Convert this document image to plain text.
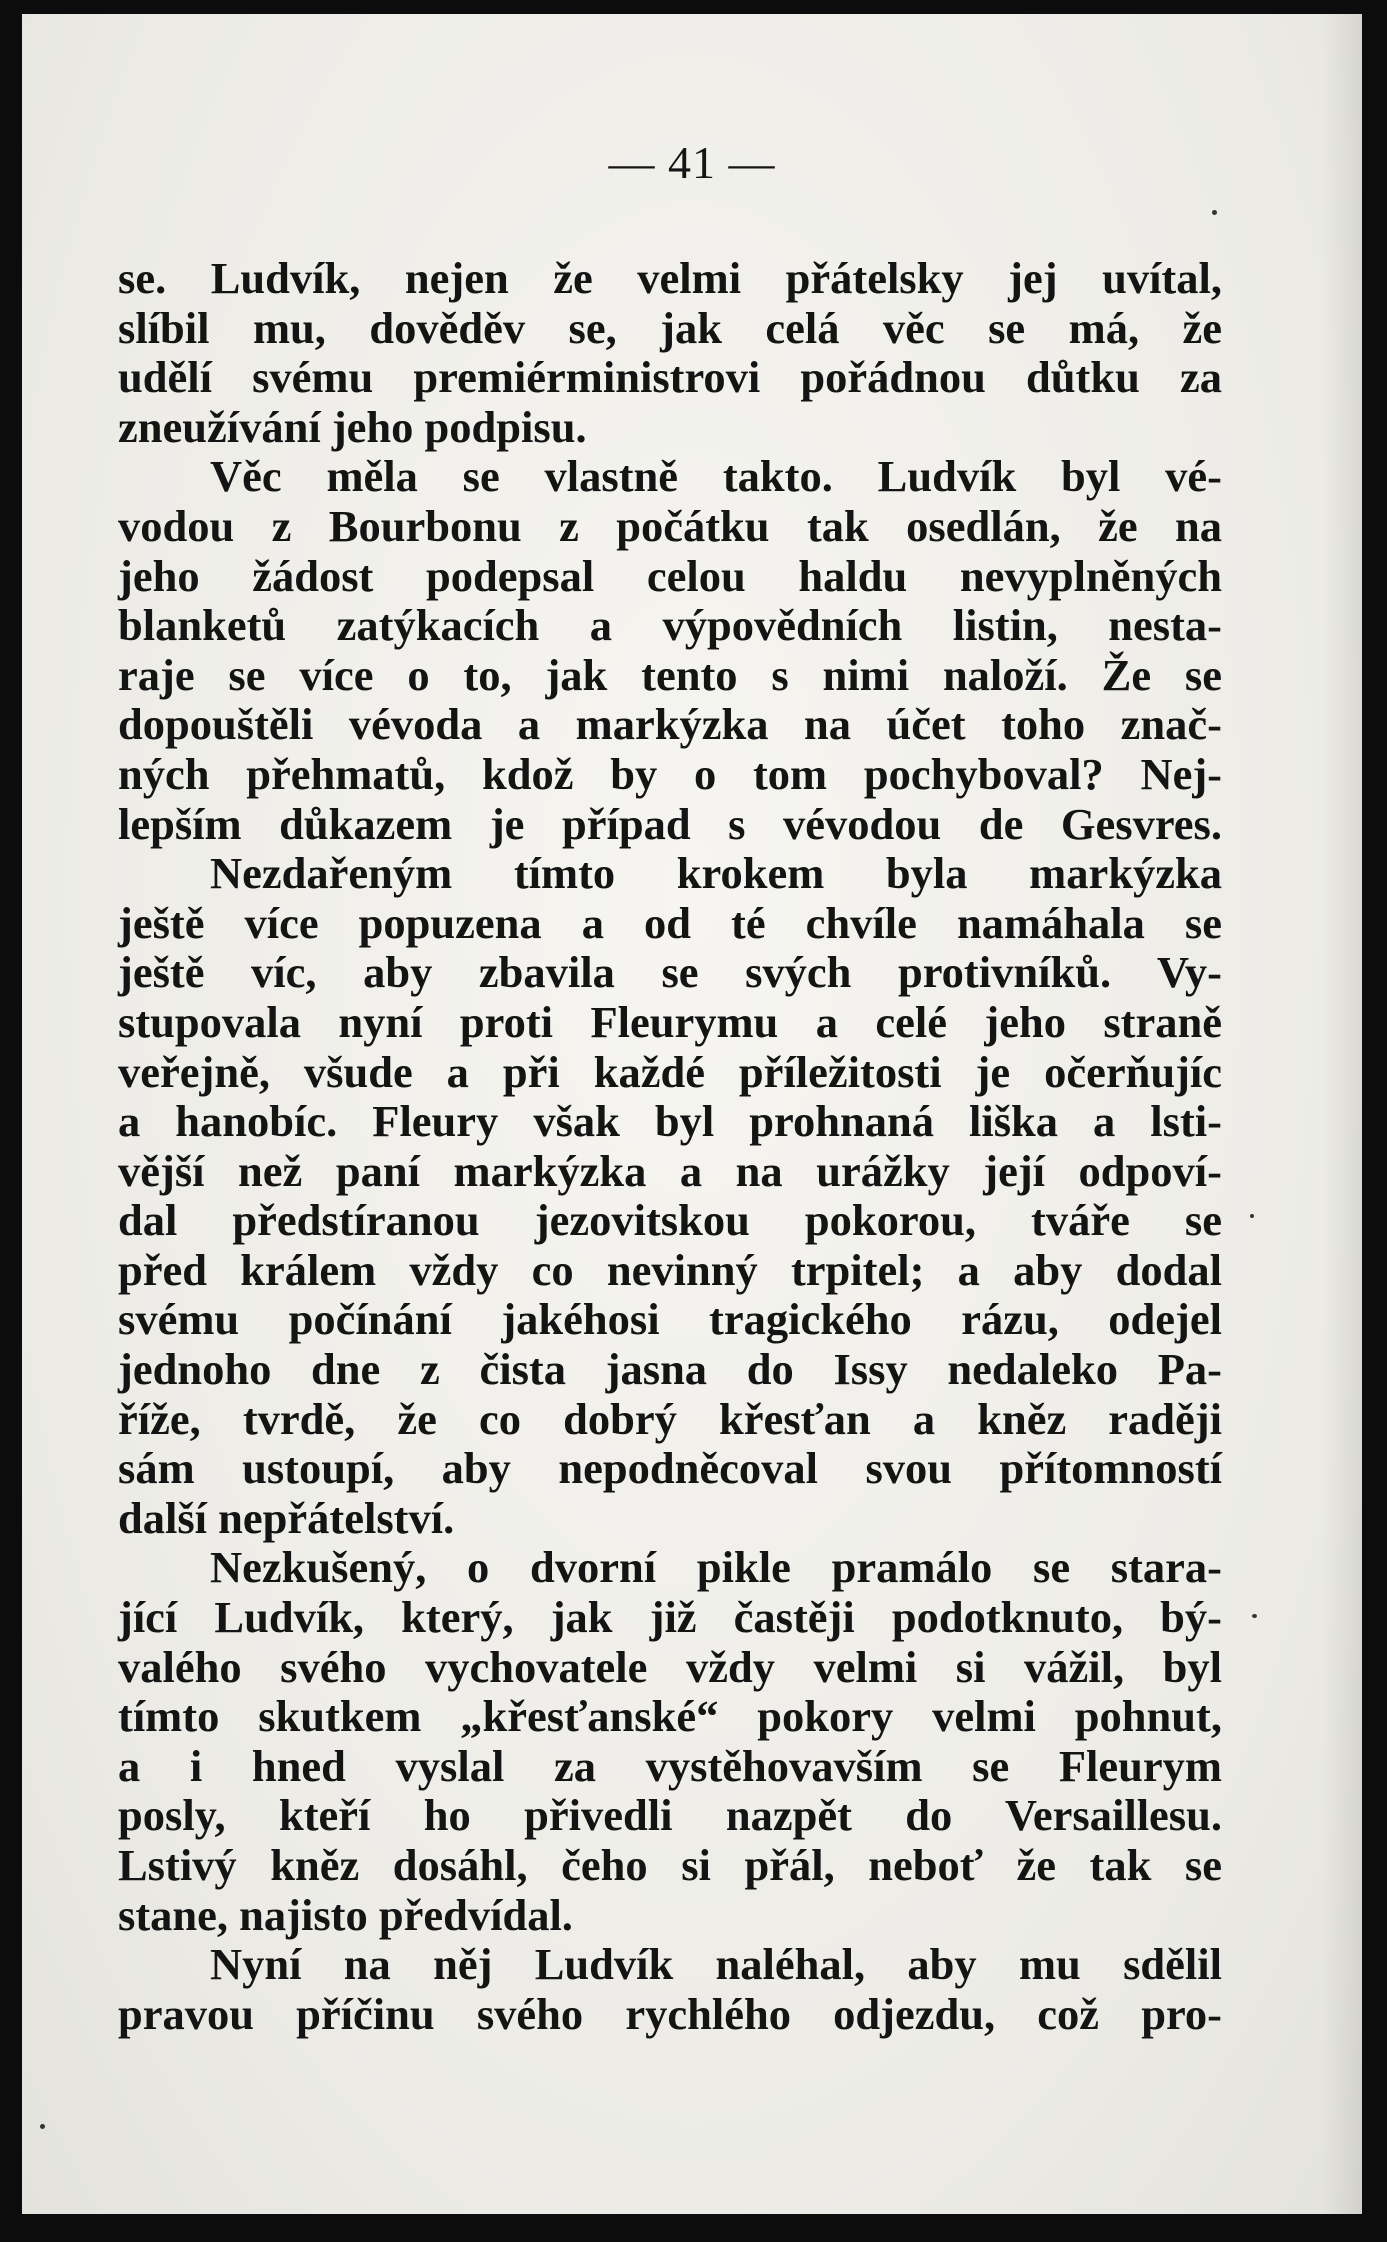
— 41 —
se. Ludvík, nejen že velmi přátelsky jej uvítal,
slíbil mu, dověděv se, jak celá věc se má, že
udělí svému premiérministrovi pořádnou důtku za
zneužívání jeho podpisu.
Věc měla se vlastně takto. Ludvík byl vé-
vodou z Bourbonu z počátku tak osedlán, že na
jeho žádost podepsal celou haldu nevyplněných
blanketů zatýkacích a výpovědních listin, nesta-
raje se více o to, jak tento s nimi naloží. Že se
dopouštěli vévoda a markýzka na účet toho znač-
ných přehmatů, kdož by o tom pochyboval? Nej-
lepším důkazem je případ s vévodou de Gesvres.
Nezdařeným tímto krokem byla markýzka
ještě více popuzena a od té chvíle namáhala se
ještě víc, aby zbavila se svých protivníků. Vy-
stupovala nyní proti Fleurymu a celé jeho straně
veřejně, všude a při každé příležitosti je očerňujíc
a hanobíc. Fleury však byl prohnaná liška a lsti-
vější než paní markýzka a na urážky její odpoví-
dal předstíranou jezovitskou pokorou, tváře se
před králem vždy co nevinný trpitel; a aby dodal
svému počínání jakéhosi tragického rázu, odejel
jednoho dne z čista jasna do Issy nedaleko Pa-
říže, tvrdě, že co dobrý křesťan a kněz raději
sám ustoupí, aby nepodněcoval svou přítomností
další nepřátelství.
Nezkušený, o dvorní pikle pramálo se stara-
jící Ludvík, který, jak již častěji podotknuto, bý-
valého svého vychovatele vždy velmi si vážil, byl
tímto skutkem „křesťanské“ pokory velmi pohnut,
a i hned vyslal za vystěhovavším se Fleurym
posly, kteří ho přivedli nazpět do Versaillesu.
Lstivý kněz dosáhl, čeho si přál, neboť že tak se
stane, najisto předvídal.
Nyní na něj Ludvík naléhal, aby mu sdělil
pravou příčinu svého rychlého odjezdu, což pro-
